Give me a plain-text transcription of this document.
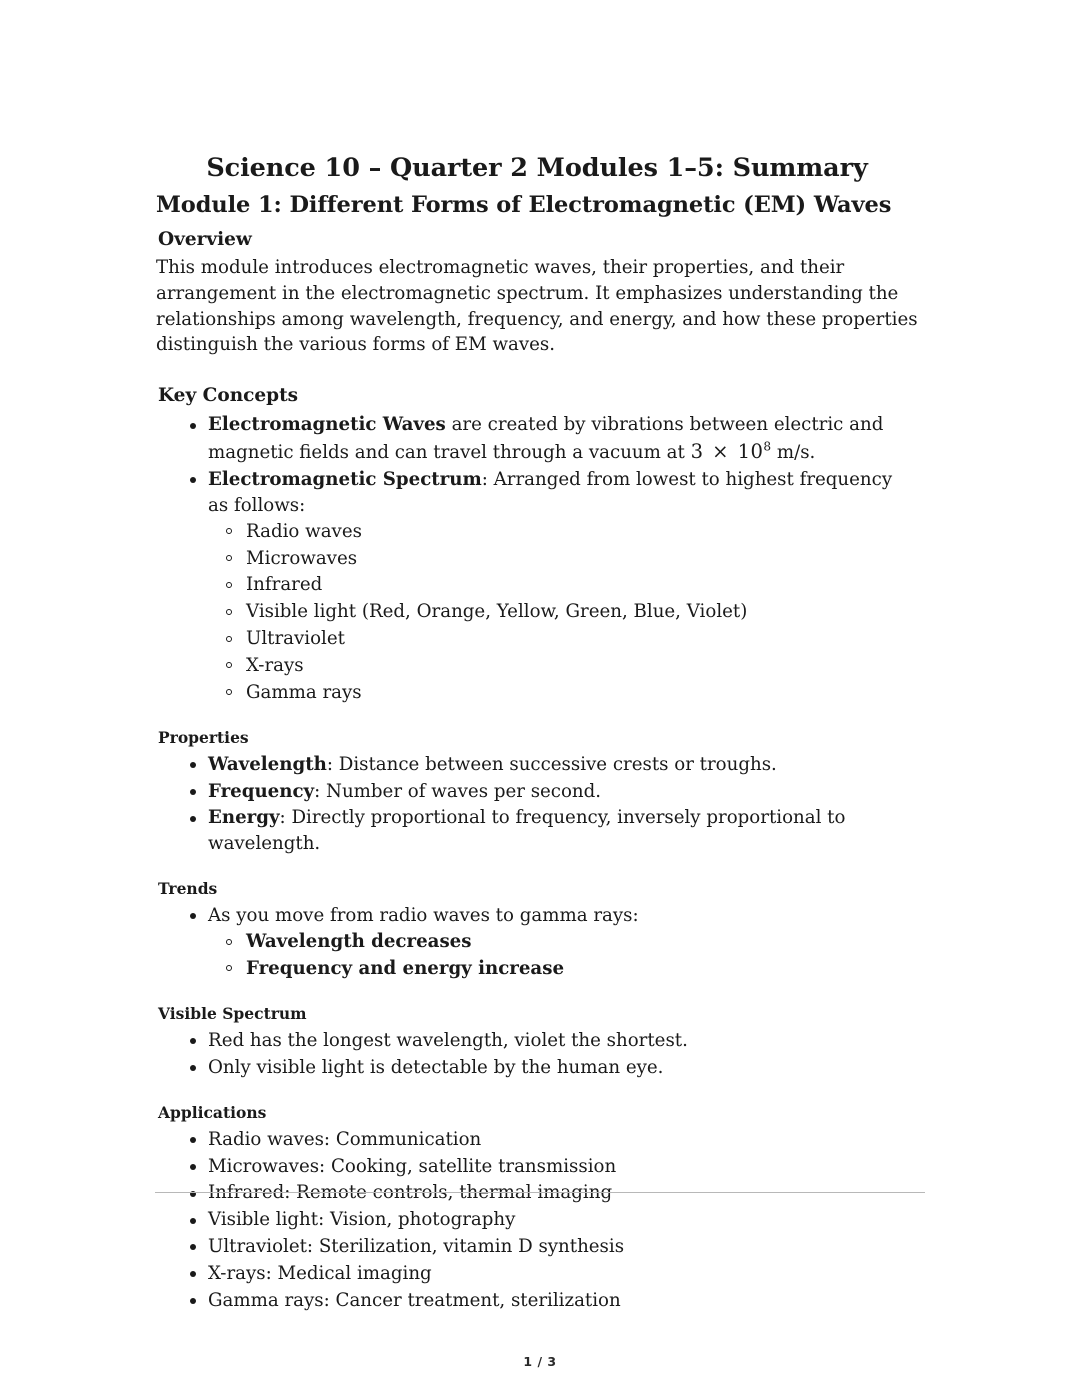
Science 10 – Quarter 2 Modules 1–5: Summary
Module 1: Different Forms of Electromagnetic (EM) Waves
Overview

This module introduces electromagnetic waves, their properties, and their arrangement in the electromagnetic spectrum. It emphasizes understanding the relationships among wavelength, frequency, and energy, and how these properties distinguish the various forms of EM waves.

Key Concepts
Electromagnetic Waves are created by vibrations between electric and magnetic fields and can travel through a vacuum at $3 \times 10^8$ m/s.
Electromagnetic Spectrum: Arranged from lowest to highest frequency as follows:
Radio waves
Microwaves
Infrared
Visible light (Red, Orange, Yellow, Green, Blue, Violet)
Ultraviolet
X-rays
Gamma rays
Properties
Wavelength: Distance between successive crests or troughs.
Frequency: Number of waves per second.
Energy: Directly proportional to frequency, inversely proportional to wavelength.
Trends
As you move from radio waves to gamma rays:
Wavelength decreases
Frequency and energy increase
Visible Spectrum
Red has the longest wavelength, violet the shortest.
Only visible light is detectable by the human eye.
Applications
Radio waves: Communication
Microwaves: Cooking, satellite transmission
Infrared: Remote controls, thermal imaging
Visible light: Vision, photography
Ultraviolet: Sterilization, vitamin D synthesis
X-rays: Medical imaging
Gamma rays: Cancer treatment, sterilization
1 / 3
